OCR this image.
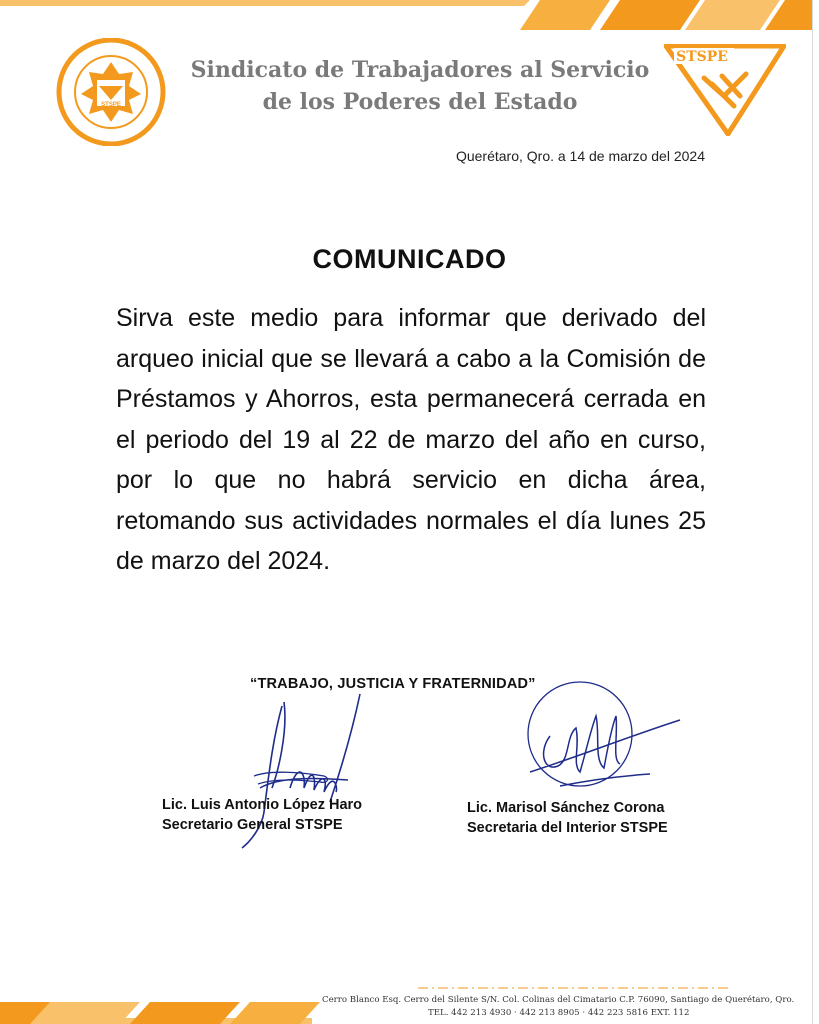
STSPE
Sindicato de Trabajadores al Servicio
de los Poderes del Estado
STSPE
Querétaro, Qro. a 14 de marzo del 2024
COMUNICADO
Sirva este medio para informar que derivado del arqueo inicial que se llevará a cabo a la Comisión de Préstamos y Ahorros, esta permanecerá cerrada en el periodo del 19 al 22 de marzo del año en curso, por lo que no habrá servicio en dicha área, retomando sus actividades normales el día lunes 25 de marzo del 2024.
“TRABAJO, JUSTICIA Y FRATERNIDAD”
Lic. Luis Antonio López Haro
Secretario General STSPE
Lic. Marisol Sánchez Corona
Secretaria del Interior STSPE
Cerro Blanco Esq. Cerro del Silente S/N. Col. Colinas del Cimatario C.P. 76090, Santiago de Querétaro, Qro.
TEL. 442 213 4930 · 442 213 8905 · 442 223 5816 EXT. 112
